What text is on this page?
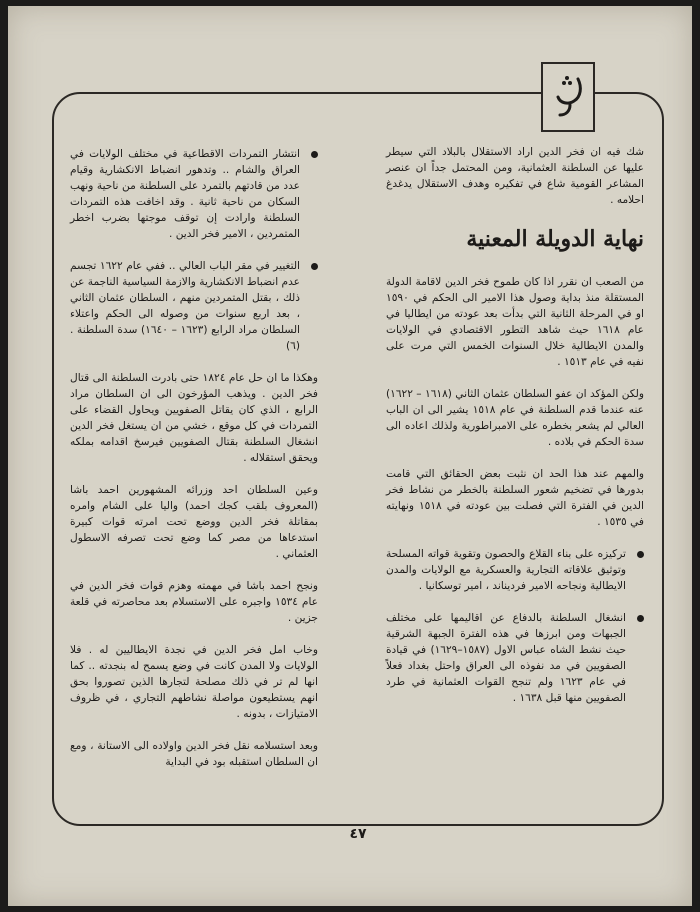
شك فيه ان فخر الدين اراد الاستقلال بالبلاد التي سيطر عليها عن السلطنة العثمانية، ومن المحتمل جداً ان عنصر المشاعر القومية شاع في تفكيره وهدف الاستقلال يدغدغ احلامه .

نهاية الدويلة المعنية

من الصعب ان نقرر اذا كان طموح فخر الدين لاقامة الدولة المستقلة منذ بداية وصول هذا الامير الى الحكم في ١٥٩٠ او في المرحلة الثانية التي بدأت بعد عودته من ايطاليا في عام ١٦١٨ حيث شاهد التطور الاقتصادي في الولايات والمدن الايطالية خلال السنوات الخمس التي مرت على نفيه في عام ١٥١٣ .

ولكن المؤكد ان عفو السلطان عثمان الثاني (١٦١٨ – ١٦٢٢) عنه عندما قدم السلطنة في عام ١٥١٨ يشير الى ان الباب العالي لم يشعر بخطره على الامبراطورية ولذلك اعاده الى سدة الحكم في بلاده .

والمهم عند هذا الحد ان نثبت بعض الحقائق التي قامت بدورها في تضخيم شعور السلطنة بالخطر من نشاط فخر الدين في الفترة التي فصلت بين عودته في ١٥١٨ ونهايته في ١٥٣٥ .

تركيزه على بناء القلاع والحصون وتقوية قواته المسلحة وتوثيق علاقاته التجارية والعسكرية مع الولايات والمدن الايطالية ونجاحه الامير فردیناند ، امير توسكانيا .
انشغال السلطنة بالدفاع عن اقاليمها على مختلف الجبهات ومن ابرزها في هذه الفترة الجبهة الشرقية حيث نشط الشاه عباس الاول (١٥٨٧–١٦٢٩) في قيادة الصفويين في مد نفوذه الى العراق واحتل بغداد فعلاً في عام ١٦٢٣ ولم تنجح القوات العثمانية في طرد الصفويين منها قبل ١٦٣٨ .
انتشار التمردات الاقطاعية في مختلف الولايات في العراق والشام .. وتدهور انضباط الانكشارية وقيام عدد من قادتهم بالتمرد على السلطنة من ناحية ونهب السكان من ناحية ثانية . وقد اخافت هذه التمردات السلطنة وارادت إن توقف موجتها بضرب اخطر المتمردين ، الامير فخر الدين .
التغيير في مقر الباب العالي .. ففي عام ١٦٢٢ تجسم عدم انضباط الانكشارية والازمة السياسية الناجمة عن ذلك ، بقتل المتمردين منهم ، السلطان عثمان الثاني ، بعد اربع سنوات من وصوله الى الحكم واعتلاء السلطان مراد الرابع (١٦٢٣ – ١٦٤٠) سدة السلطنة . (٦)

وهكذا ما ان حل عام ١٨٢٤ حتى بادرت السلطنة الى قتال فخر الدين . ويذهب المؤرخون الى ان السلطان مراد الرابع ، الذي كان يقاتل الصفويين ويحاول القضاء على التمردات في كل موقع ، خشي من ان يستغل فخر الدين انشغال السلطنة بقتال الصفويين فيرسخ اقدامه بملكه ويحقق استقلاله .

وعين السلطان احد وزرائه المشهورين احمد باشا (المعروف بلقب كجك احمد) واليا على الشام وامره بمقاتلة فخر الدين ووضع تحت امرته قوات كبيرة استدعاها من مصر كما وضع تحت تصرفه الاسطول العثماني .

ونجح احمد باشا في مهمته وهزم قوات فخر الدين في عام ١٥٣٤ واجبره على الاستسلام بعد محاصرته في قلعة جزين .

وخاب امل فخر الدين في نجدة الايطاليين له . فلا الولايات ولا المدن كانت في وضع يسمح له بنجدته .. كما انها لم تر في ذلك مصلحة لتجارها الذين تصوروا بحق انهم يستطيعون مواصلة نشاطهم التجاري ، في ظروف الامتيازات ، بدونه .

وبعد استسلامه نقل فخر الدين واولاده الى الاستانة ، ومع ان السلطان استقبله بود في البداية

٤٧
